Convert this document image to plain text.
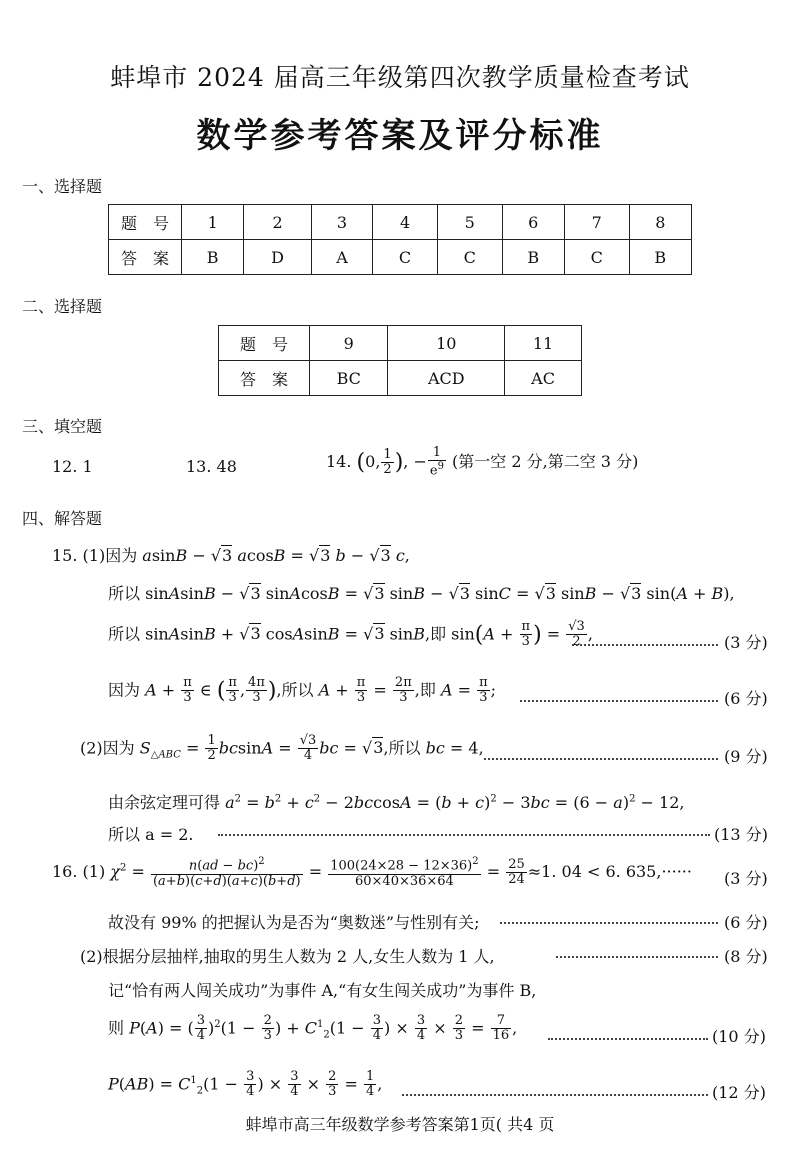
蚌埠市 2024 届高三年级第四次教学质量检查考试
数学参考答案及评分标准
一、选择题
题　号	1	2	3	4	5	6	7	8
答　案	B	D	A	C	C	B	C	B
二、选择题
题　号	9	10	11
答　案	BC	ACD	AC
三、填空题
12. 1	13. 48	14. (0, $\frac{1}{2}$ ), − $\frac{1}{e^9}$ (第一空 2 分,第二空 3 分)
四、解答题
15. (1)因为 asinB − √3 acosB = √3 b − √3 c,
所以 sinAsinB − √3 sinAcosB = √3 sinB − √3 sinC = √3 sinB − √3 sin(A + B),
所以 sinAsinB + √3 cosAsinB = √3 sinB,即 $\sin(A + \frac{\pi}{3}$ ) = $\frac{√3}{2}$ ,	(3 分)
因为 $A + \frac{\pi}{3}$ ∈ ( $\frac{\pi}{3}$ , $\frac{4\pi}{3}$ ),所以 $A + \frac{\pi}{3} = \frac{2\pi}{3}$ ,即 $A = \frac{\pi}{3}$ ;	(6 分)
(2)因为 $S_{\triangle ABC} = \frac{1}{2}$ $bcsinA = \frac{√3}{4}$ bc = √3,所以 bc = 4,	(9 分)
由余弦定理可得 $a^2 = b^2 + c^2 - 2bccosA = (b + c)^2 - 3bc = (6 - a)^2 - 12$,
所以 a = 2.	(13 分)
16. (1) $\chi^2 = \frac{n(ad - bc)^2}{(a+b)(c+d)(a+c)(b+d)} = \frac{100(24\times 28 - 12\times 36)^2}{60\times 40\times 36\times 64} = \frac{25}{24} \approx 1$. 04 < 6. 635,······ (3 分)
故没有 99% 的把握认为是否为“奥数迷”与性别有关;	(6 分)
(2)根据分层抽样,抽取的男生人数为 2 人,女生人数为 1 人,	(8 分)
记“恰有两人闯关成功”为事件 A,“有女生闯关成功”为事件 B,
则 P(A) = ( $\frac{3}{4} )^2(1 - \frac{2}{3}$ ) + $C^1_2(1 - \frac{3}{4}$ ) × $\frac{3}{4} \times \frac{2}{3} = \frac{7}{16}$ ,	(10 分)
$P(AB) = C^1_2(1 - \frac{3}{4}$ ) × $\frac{3}{4} \times \frac{2}{3} = \frac{1}{4}$ ,	(12 分)
蚌埠市高三年级数学参考答案第1页( 共4 页
